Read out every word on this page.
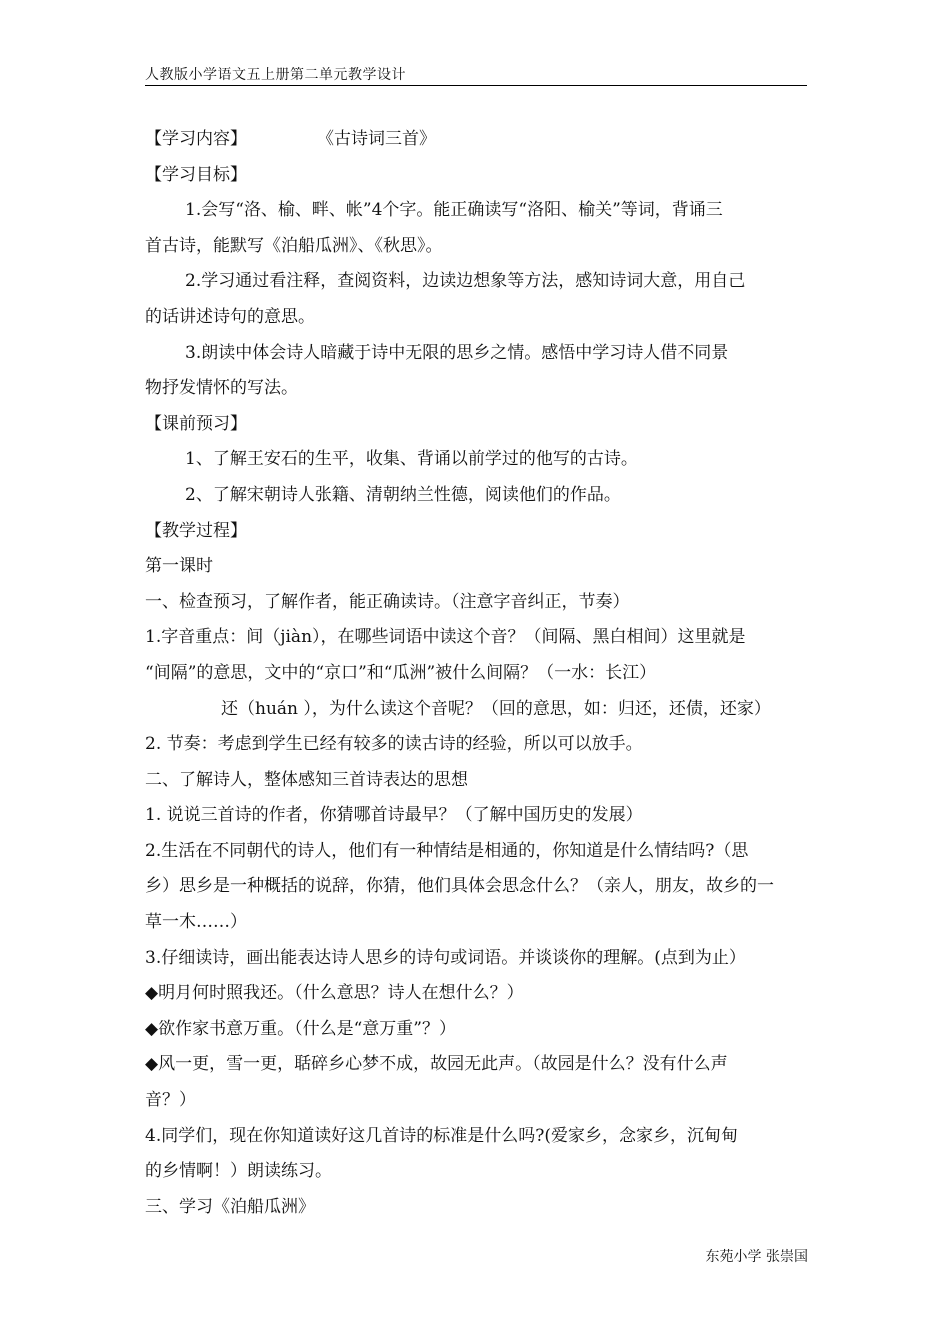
人教版小学语文五上册第二单元教学设计
【学习内容】	《古诗词三首》
【学习目标】
1.会写“洛、榆、畔、帐”4个字。能正确读写“洛阳、榆关”等词，背诵三
首古诗，能默写《泊船瓜洲》、《秋思》。
2.学习通过看注释，查阅资料，边读边想象等方法，感知诗词大意，用自己
的话讲述诗句的意思。
3.朗读中体会诗人暗藏于诗中无限的思乡之情。感悟中学习诗人借不同景
物抒发情怀的写法。
【课前预习】
1、了解王安石的生平，收集、背诵以前学过的他写的古诗。
2、了解宋朝诗人张籍、清朝纳兰性德，阅读他们的作品。
【教学过程】
第一课时
一、检查预习，了解作者，能正确读诗。（注意字音纠正，节奏）
1.字音重点：间（jiàn），在哪些词语中读这个音？（间隔、黑白相间）这里就是
“间隔”的意思，文中的“京口”和“瓜洲”被什么间隔？（一水：长江）
还（huán ），为什么读这个音呢？（回的意思，如：归还，还债，还家）
2. 节奏：考虑到学生已经有较多的读古诗的经验，所以可以放手。
二、了解诗人，整体感知三首诗表达的思想
1. 说说三首诗的作者，你猜哪首诗最早？（了解中国历史的发展）
2.生活在不同朝代的诗人，他们有一种情结是相通的，你知道是什么情结吗?（思
乡）思乡是一种概括的说辞，你猜，他们具体会思念什么？（亲人，朋友，故乡的一
草一木……）
3.仔细读诗，画出能表达诗人思乡的诗句或词语。并谈谈你的理解。(点到为止）
◆明月何时照我还。（什么意思？诗人在想什么？）
◆欲作家书意万重。（什么是“意万重”？）
◆风一更，雪一更，聒碎乡心梦不成，故园无此声。（故园是什么？没有什么声
音？）
4.同学们，现在你知道读好这几首诗的标准是什么吗?(爱家乡，念家乡，沉甸甸
的乡情啊！）朗读练习。
三、学习《泊船瓜洲》
东苑小学 张崇国
